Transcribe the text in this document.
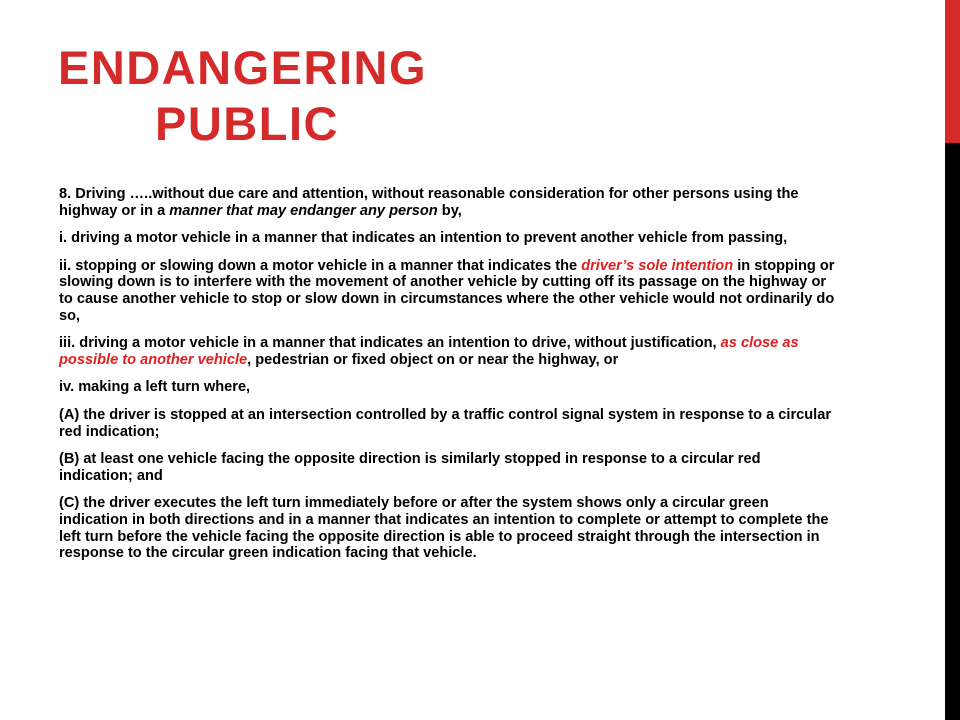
ENDANGERING
PUBLIC

8. Driving …..without due care and attention, without reasonable consideration for other persons using the highway or in a manner that may endanger any person by,

i. driving a motor vehicle in a manner that indicates an intention to prevent another vehicle from passing,

ii. stopping or slowing down a motor vehicle in a manner that indicates the driver’s sole intention in stopping or slowing down is to interfere with the movement of another vehicle by cutting off its passage on the highway or to cause another vehicle to stop or slow down in circumstances where the other vehicle would not ordinarily do so,

iii. driving a motor vehicle in a manner that indicates an intention to drive, without justification, as close as possible to another vehicle, pedestrian or fixed object on or near the highway, or

iv. making a left turn where,

(A) the driver is stopped at an intersection controlled by a traffic control signal system in response to a circular red indication;

(B) at least one vehicle facing the opposite direction is similarly stopped in response to a circular red indication; and

(C) the driver executes the left turn immediately before or after the system shows only a circular green indication in both directions and in a manner that indicates an intention to complete or attempt to complete the left turn before the vehicle facing the opposite direction is able to proceed straight through the intersection in response to the circular green indication facing that vehicle.
